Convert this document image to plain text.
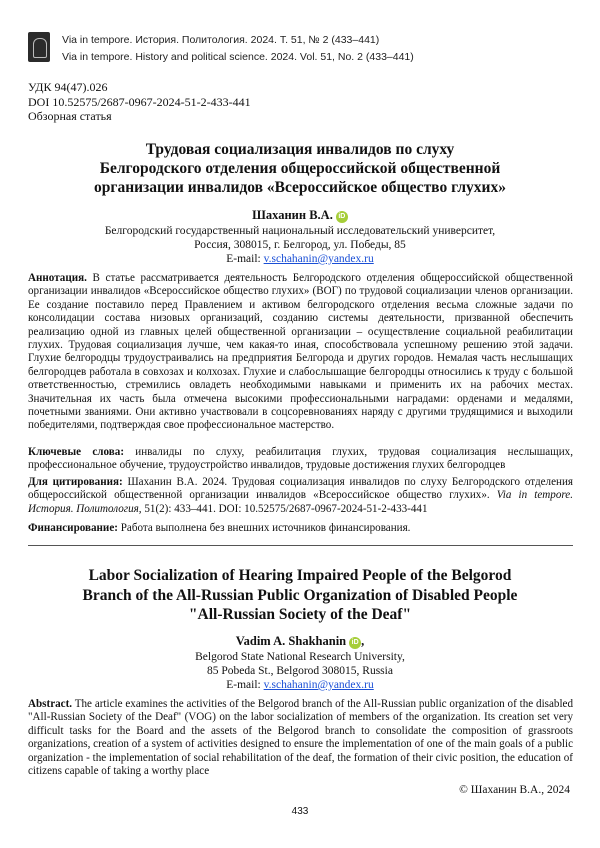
Via in tempore. История. Политология. 2024. Т. 51, № 2 (433–441)
Via in tempore. History and political science. 2024. Vol. 51, No. 2 (433–441)
УДК 94(47).026
DOI 10.52575/2687-0967-2024-51-2-433-441
Обзорная статья
Трудовая социализация инвалидов по слуху
Белгородского отделения общероссийской общественной
организации инвалидов «Всероссийское общество глухих»
Шаханин В.А. iD
Белгородский государственный национальный исследовательский университет,
Россия, 308015, г. Белгород, ул. Победы, 85
E-mail: v.schahanin@yandex.ru
Аннотация. В статье рассматривается деятельность Белгородского отделения общероссийской общественной организации инвалидов «Всероссийское общество глухих» (ВОГ) по трудовой социализации членов организации. Ее создание поставило перед Правлением и активом белгородского отделения весьма сложные задачи по консолидации состава низовых организаций, созданию системы деятельности, призванной обеспечить реализацию одной из главных целей общественной организации – осуществление социальной реабилитации глухих. Трудовая социализация лучше, чем какая-то иная, способствовала успешному решению этой задачи. Глухие белгородцы трудоустраивались на предприятия Белгорода и других городов. Немалая часть неслышащих белгородцев работала в совхозах и колхозах. Глухие и слабослышащие белгородцы относились к труду с большой ответственностью, стремились овладеть необходимыми навыками и применить их на рабочих местах. Значительная их часть была отмечена высокими профессиональными наградами: орденами и медалями, почетными званиями. Они активно участвовали в соцсоревнованиях наряду с другими трудящимися и выходили победителями, подтверждая свое профессиональное мастерство.
Ключевые слова: инвалиды по слуху, реабилитация глухих, трудовая социализация неслышащих, профессиональное обучение, трудоустройство инвалидов, трудовые достижения глухих белгородцев
Для цитирования: Шаханин В.А. 2024. Трудовая социализация инвалидов по слуху Белгородского отделения общероссийской общественной организации инвалидов «Всероссийское общество глухих». Via in tempore. История. Политология, 51(2): 433–441. DOI: 10.52575/2687-0967-2024-51-2-433-441
Финансирование: Работа выполнена без внешних источников финансирования.
Labor Socialization of Hearing Impaired People of the Belgorod
Branch of the All-Russian Public Organization of Disabled People
"All-Russian Society of the Deaf"
Vadim A. Shakhanin iD ,
Belgorod State National Research University,
85 Pobeda St., Belgorod 308015, Russia
E-mail: v.schahanin@yandex.ru
Abstract. The article examines the activities of the Belgorod branch of the All-Russian public organization of the disabled "All-Russian Society of the Deaf" (VOG) on the labor socialization of members of the organization. Its creation set very difficult tasks for the Board and the assets of the Belgorod branch to consolidate the composition of grassroots organizations, creation of a system of activities designed to ensure the implementation of one of the main goals of a public organization - the implementation of social rehabilitation of the deaf, the formation of their civic position, the education of citizens capable of taking a worthy place
© Шаханин В.А., 2024
433
